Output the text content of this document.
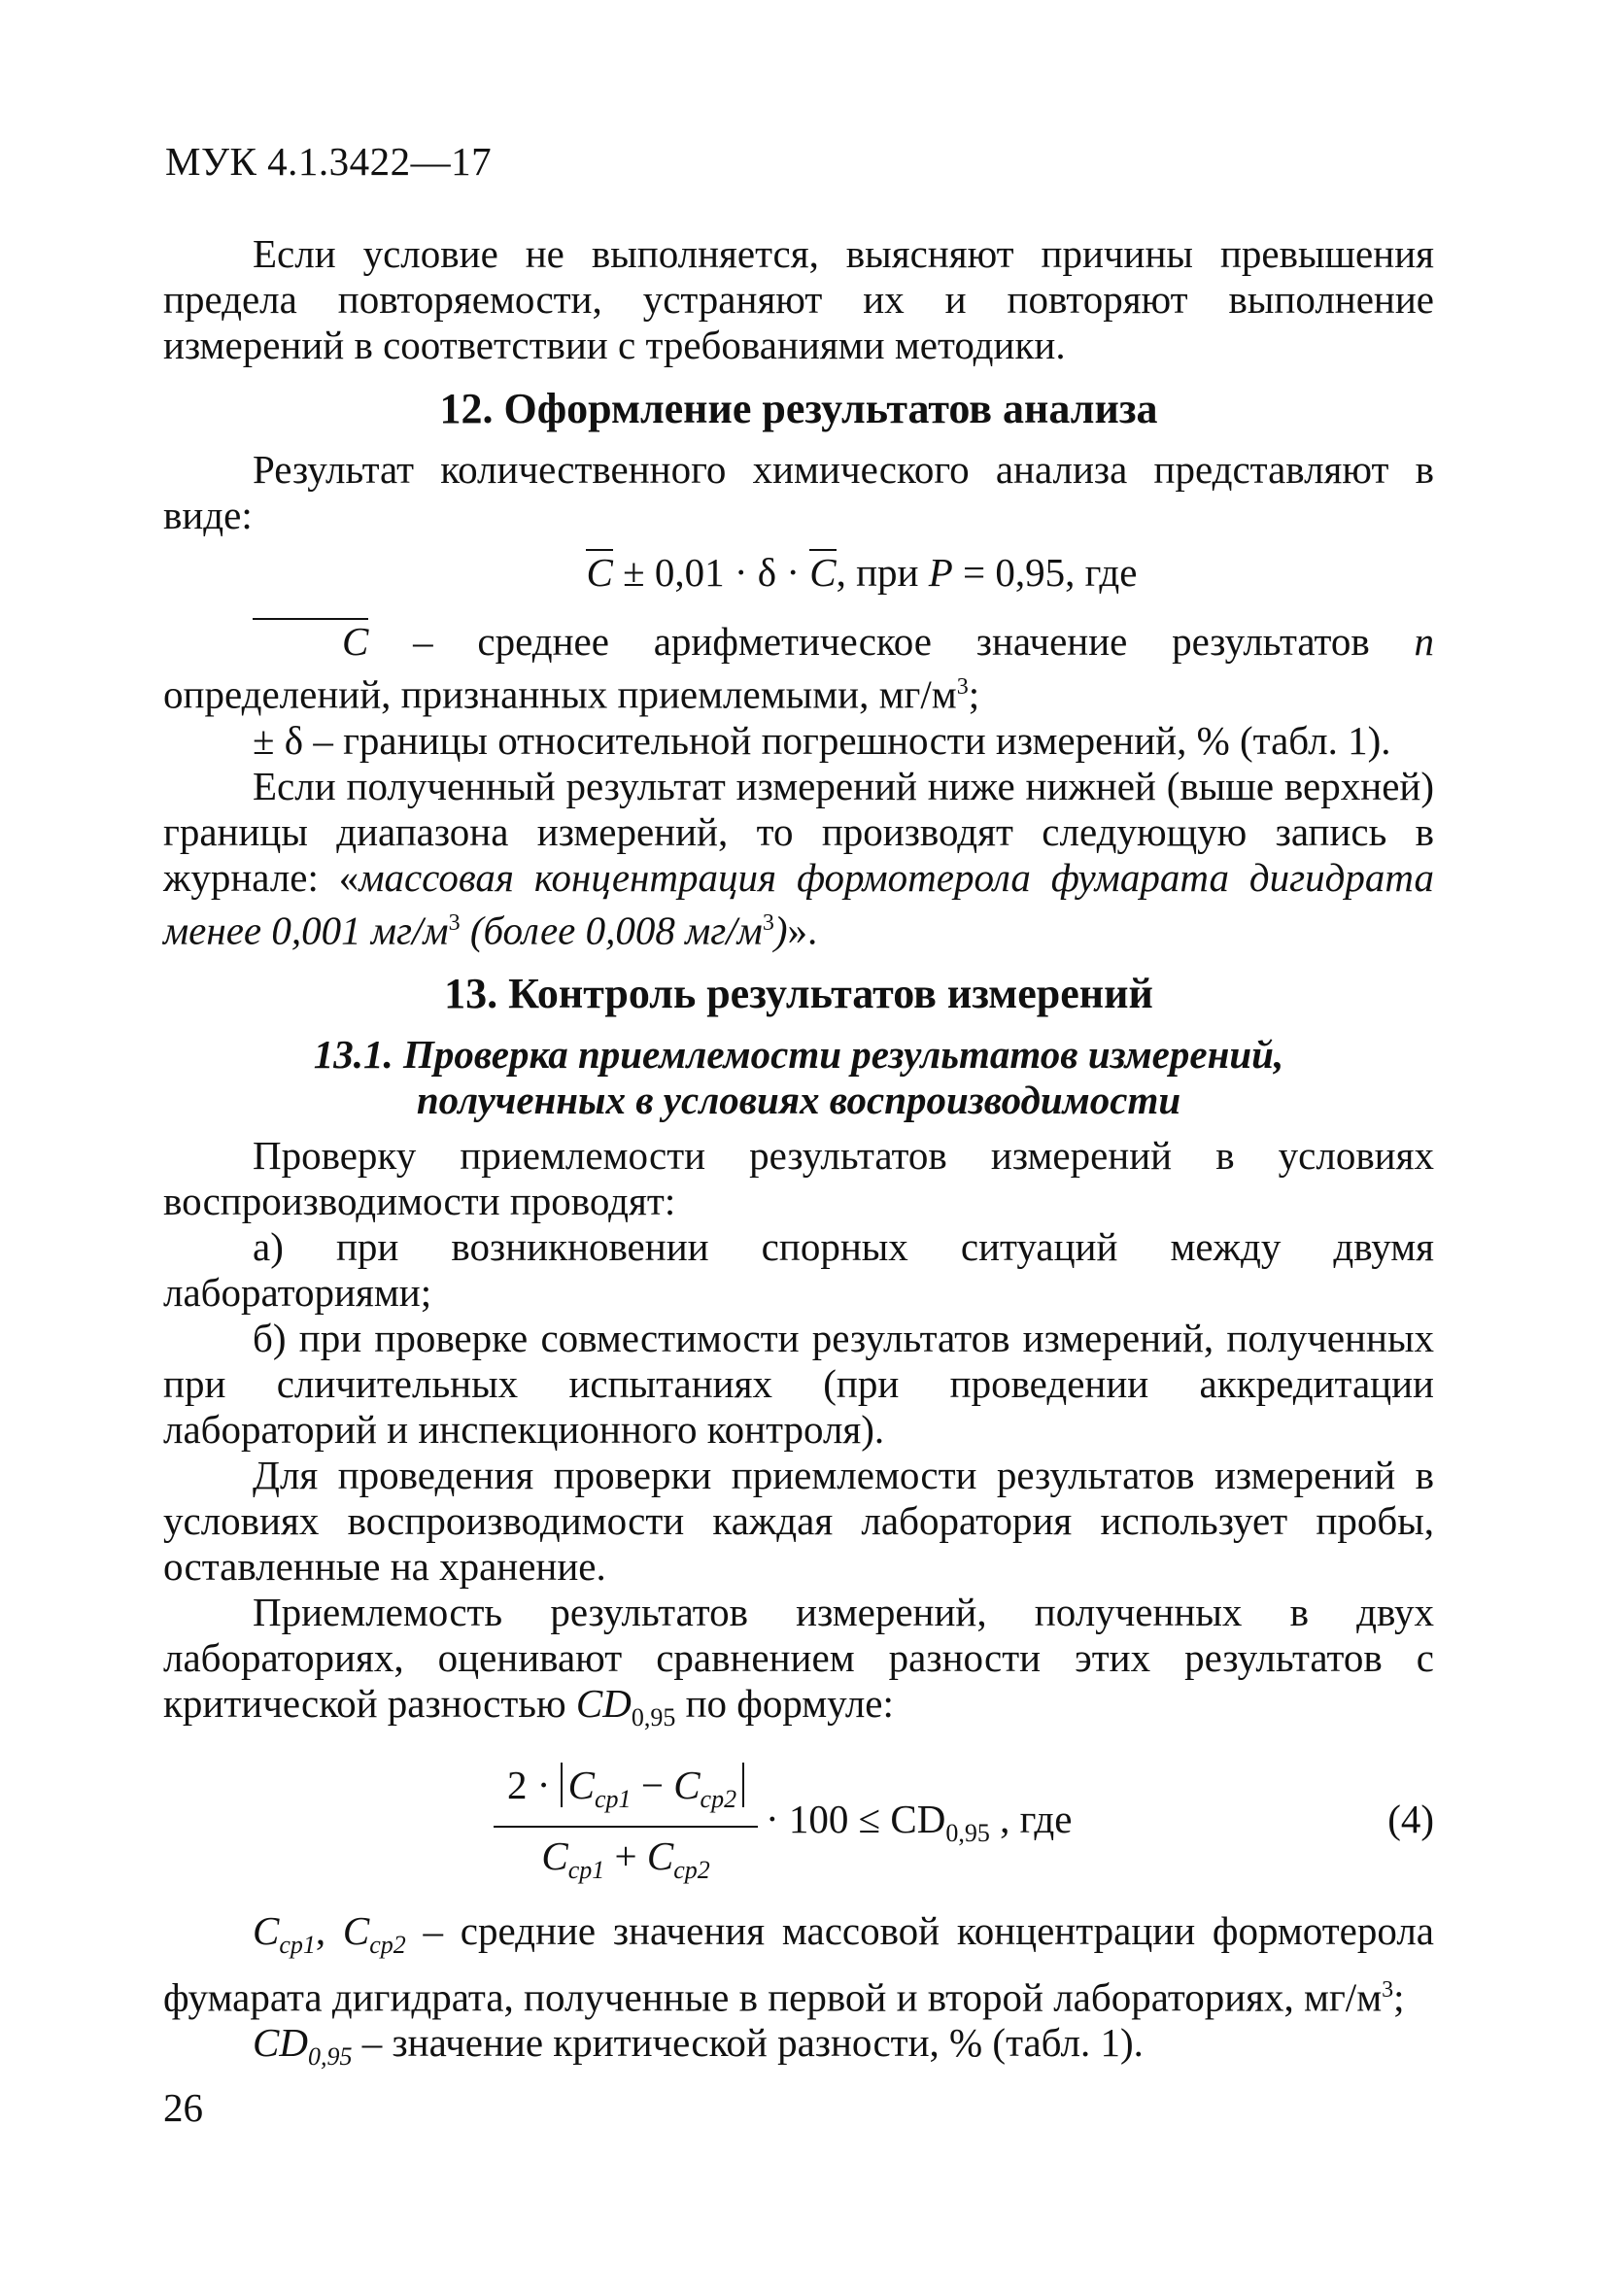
МУК 4.1.3422—17

Если условие не выполняется, выясняют причины превышения предела повторяемости, устраняют их и повторяют выполнение измерений в соответствии с требованиями методики.

12. Оформление результатов анализа

Результат количественного химического анализа представляют в виде:

C ± 0,01 · δ · C, при P = 0,95, где

C – среднее арифметическое значение результатов n определений, признанных приемлемыми, $мг/м^3$;

± δ – границы относительной погрешности измерений, % (табл. 1).

Если полученный результат измерений ниже нижней (выше верхней) границы диапазона измерений, то производят следующую запись в журнале: «массовая концентрация формотерола фумарата дигидрата менее 0,001 $мг/м^3$ (более 0,008 $мг/м^3$)».

13. Контроль результатов измерений
13.1. Проверка приемлемости результатов измерений,
полученных в условиях воспроизводимости

Проверку приемлемости результатов измерений в условиях воспроизводимости проводят:

а) при возникновении спорных ситуаций между двумя лабораториями;

б) при проверке совместимости результатов измерений, полученных при сличительных испытаниях (при проведении аккредитации лабораторий и инспекционного контроля).

Для проведения проверки приемлемости результатов измерений в условиях воспроизводимости каждая лаборатория использует пробы, оставленные на хранение.

Приемлемость результатов измерений, полученных в двух лабораториях, оценивают сравнением разности этих результатов с критической разностью $CD_{0,95}$ по формуле:

$2 \cdot C_{ср1} - C_{ср2}$
$C_{ср1} + C_{ср2}$
· $100 \le CD_{0,95}$ , где	(4)

$C_{ср1}$, $C_{ср2}$ – средние значения массовой концентрации формотерола фумарата дигидрата, полученные в первой и второй лабораториях, $мг/м^3$;

$CD_{0,95}$ – значение критической разности, % (табл. 1).

26
